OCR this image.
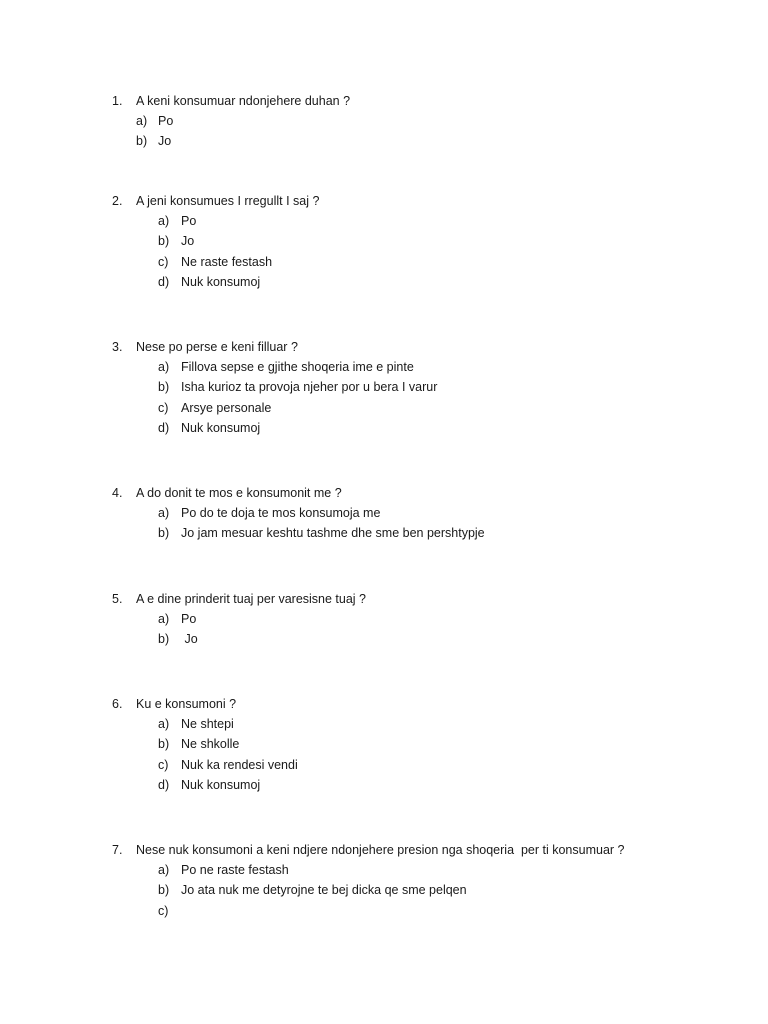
1. A keni konsumuar ndonjehere duhan ?
a) Po
b) Jo
2. A jeni konsumues I rregullt I saj ?
a) Po
b) Jo
c) Ne raste festash
d) Nuk konsumoj
3. Nese po perse e keni filluar ?
a) Fillova sepse e gjithe shoqeria ime e pinte
b) Isha kurioz ta provoja njeher por u bera I varur
c) Arsye personale
d) Nuk konsumoj
4. A do donit te mos e konsumonit me ?
a) Po do te doja te mos konsumoja me
b) Jo jam mesuar keshtu tashme dhe sme ben pershtypje
5. A e dine prinderit tuaj per varesisne tuaj ?
a) Po
b) Jo
6. Ku e konsumoni ?
a) Ne shtepi
b) Ne shkolle
c) Nuk ka rendesi vendi
d) Nuk konsumoj
7. Nese nuk konsumoni a keni ndjere ndonjehere presion nga shoqeria  per ti konsumuar ?
a) Po ne raste festash
b) Jo ata nuk me detyrojne te bej dicka qe sme pelqen
c)
